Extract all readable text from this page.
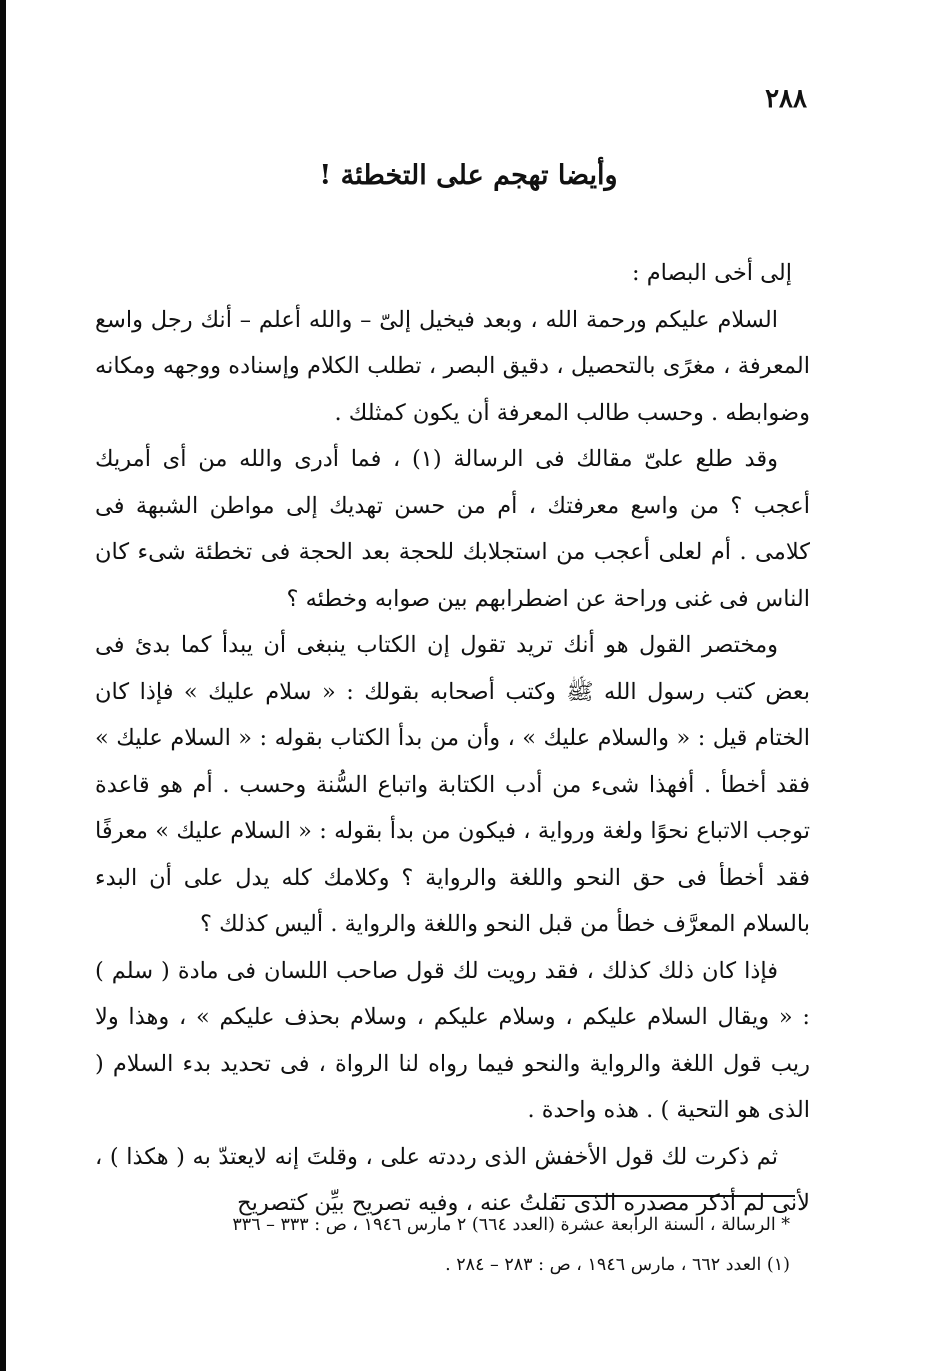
٢٨٨
وأيضا تهجم على التخطئة !

إلى أخى البصام :

السلام عليكم ورحمة الله ، وبعد فيخيل إلىّ – والله أعلم – أنك رجل واسع المعرفة ، مغرًى بالتحصيل ، دقيق البصر ، تطلب الكلام وإسناده ووجهه ومكانه وضوابطه . وحسب طالب المعرفة أن يكون كمثلك .

وقد طلع علىّ مقالك فى الرسالة (١) ، فما أدرى والله من أى أمريك أعجب ؟ من واسع معرفتك ، أم من حسن تهديك إلى مواطن الشبهة فى كلامى . أم لعلى أعجب من استجلابك للحجة بعد الحجة فى تخطئة شىء كان الناس فى غنى وراحة عن اضطرابهم بين صوابه وخطئه ؟

ومختصر القول هو أنك تريد تقول إن الكتاب ينبغى أن يبدأ كما بدئ فى بعض كتب رسول الله ﷺ وكتب أصحابه بقولك : « سلام عليك » فإذا كان الختام قيل : « والسلام عليك » ، وأن من بدأ الكتاب بقوله : « السلام عليك » فقد أخطأ . أفهذا شىء من أدب الكتابة واتباع السُّنة وحسب . أم هو قاعدة توجب الاتباع نحوًا ولغة ورواية ، فيكون من بدأ بقوله : « السلام عليك » معرفًا فقد أخطأ فى حق النحو واللغة والرواية ؟ وكلامك كله يدل على أن البدء بالسلام المعرَّف خطأ من قبل النحو واللغة والرواية . أليس كذلك ؟

فإذا كان ذلك كذلك ، فقد رويت لك قول صاحب اللسان فى مادة ( سلم ) : « ويقال السلام عليكم ، وسلام عليكم ، وسلام بحذف عليكم » ، وهذا ولا ريب قول اللغة والرواية والنحو فيما رواه لنا الرواة ، فى تحديد بدء السلام ( الذى هو التحية ) . هذه واحدة .

ثم ذكرت لك قول الأخفش الذى رددته على ، وقلتَ إنه لايعتدّ به ( هكذا ) ، لأنى لم أذكر مصدره الذى نقلتُ عنه ، وفيه تصريح بيِّن كتصريح

* الرسالة ، السنة الرابعة عشرة (العدد ٦٦٤) ٢ مارس ١٩٤٦ ، ص : ٣٣٣ – ٣٣٦

(١) العدد ٦٦٢ ، مارس ١٩٤٦ ، ص : ٢٨٣ – ٢٨٤ .
